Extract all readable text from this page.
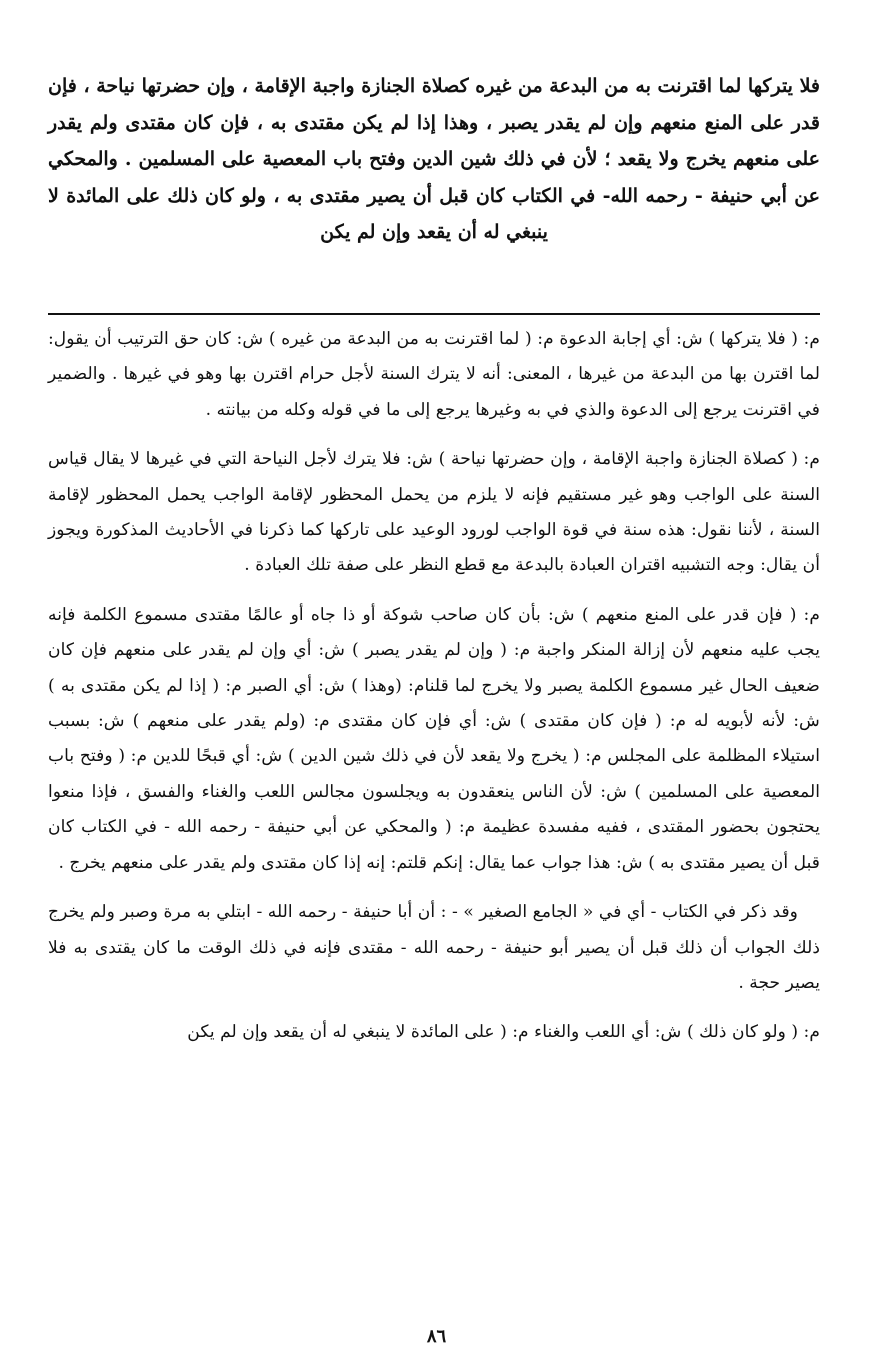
فلا يتركها لما اقترنت به من البدعة من غيره كصلاة الجنازة واجبة الإقامة ، وإن حضرتها نياحة ، فإن قدر على المنع منعهم وإن لم يقدر يصبر ، وهذا إذا لم يكن مقتدى به ، فإن كان مقتدى ولم يقدر على منعهم يخرج ولا يقعد ؛ لأن في ذلك شين الدين وفتح باب المعصية على المسلمين . والمحكي عن أبي حنيفة - رحمه الله- في الكتاب كان قبل أن يصير مقتدى به ، ولو كان ذلك على المائدة لا ينبغي له أن يقعد وإن لم يكن

م: ( فلا يتركها ) ش: أي إجابة الدعوة م: ( لما اقترنت به من البدعة من غيره ) ش: كان حق الترتيب أن يقول: لما اقترن بها من البدعة من غيرها ، المعنى: أنه لا يترك السنة لأجل حرام اقترن بها وهو في غيرها . والضمير في اقترنت يرجع إلى الدعوة والذي في به وغيرها يرجع إلى ما في قوله وكله من بيانته .

م: ( كصلاة الجنازة واجبة الإقامة ، وإن حضرتها نياحة ) ش: فلا يترك لأجل النياحة التي في غيرها لا يقال قياس السنة على الواجب وهو غير مستقيم فإنه لا يلزم من يحمل المحظور لإقامة الواجب يحمل المحظور لإقامة السنة ، لأننا نقول: هذه سنة في قوة الواجب لورود الوعيد على تاركها كما ذكرنا في الأحاديث المذكورة ويجوز أن يقال: وجه التشبيه اقتران العبادة بالبدعة مع قطع النظر على صفة تلك العبادة .

م: ( فإن قدر على المنع منعهم ) ش: بأن كان صاحب شوكة أو ذا جاه أو عالمًا مقتدى مسموع الكلمة فإنه يجب عليه منعهم لأن إزالة المنكر واجبة م: ( وإن لم يقدر يصبر ) ش: أي وإن لم يقدر على منعهم فإن كان ضعيف الحال غير مسموع الكلمة يصبر ولا يخرج لما قلنام: (وهذا ) ش: أي الصبر م: ( إذا لم يكن مقتدى به ) ش: لأنه لأبويه له م: ( فإن كان مقتدى ) ش: أي فإن كان مقتدى م: (ولم يقدر على منعهم ) ش: بسبب استيلاء المظلمة على المجلس م: ( يخرج ولا يقعد لأن في ذلك شين الدين ) ش: أي قبحًا للدين م: ( وفتح باب المعصية على المسلمين ) ش: لأن الناس ينعقدون به ويجلسون مجالس اللعب والغناء والفسق ، فإذا منعوا يحتجون بحضور المقتدى ، ففيه مفسدة عظيمة م: ( والمحكي عن أبي حنيفة - رحمه الله - في الكتاب كان قبل أن يصير مقتدى به ) ش: هذا جواب عما يقال: إنكم قلتم: إنه إذا كان مقتدى ولم يقدر على منعهم يخرج .

وقد ذكر في الكتاب - أي في « الجامع الصغير » - : أن أبا حنيفة - رحمه الله - ابتلي به مرة وصبر ولم يخرج ذلك الجواب أن ذلك قبل أن يصير أبو حنيفة - رحمه الله - مقتدى فإنه في ذلك الوقت ما كان يقتدى به فلا يصير حجة .

م: ( ولو كان ذلك ) ش: أي اللعب والغناء م: ( على المائدة لا ينبغي له أن يقعد وإن لم يكن

٨٦
